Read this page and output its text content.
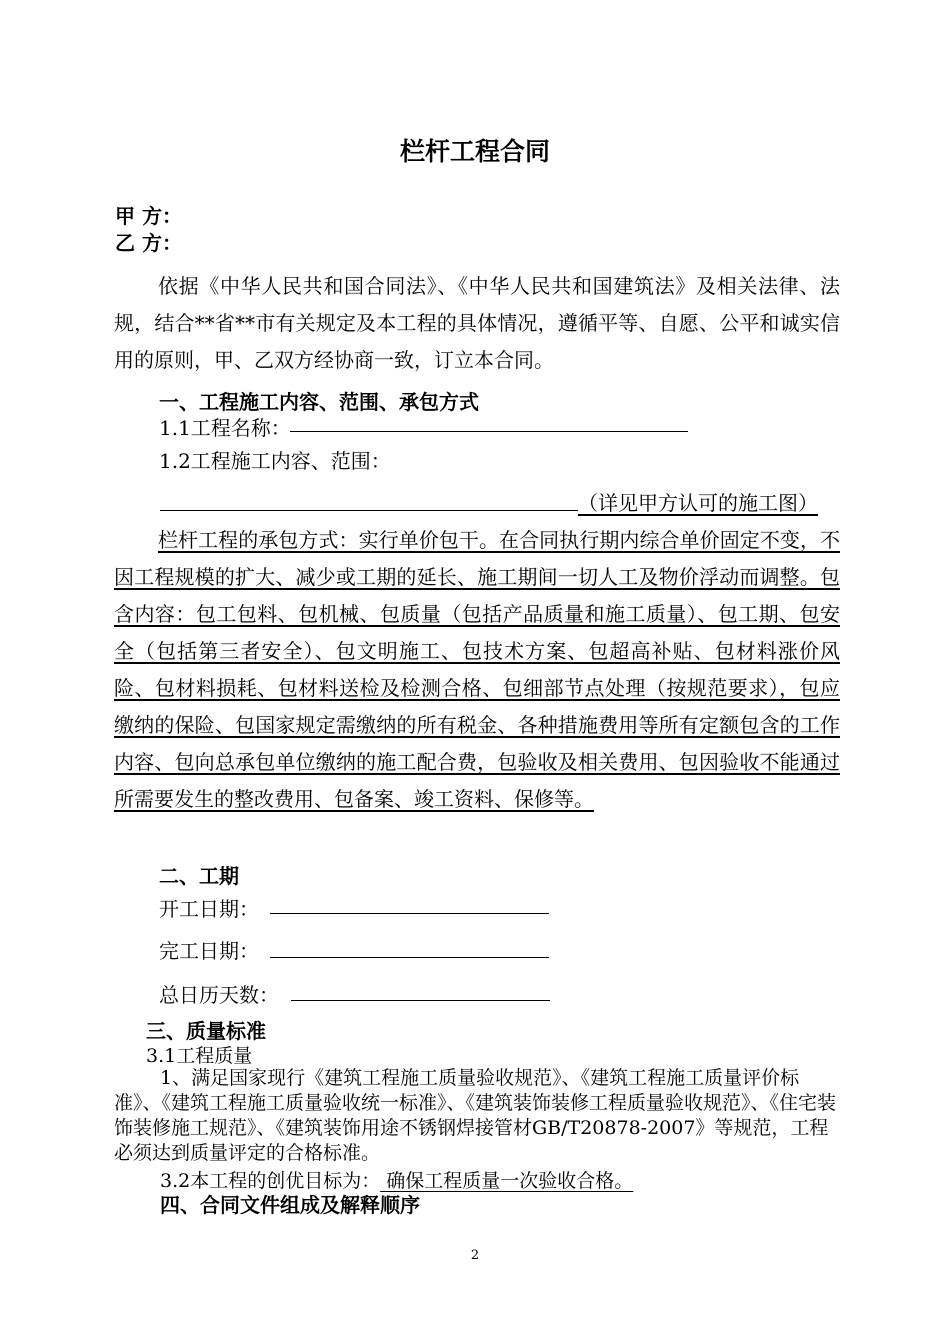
栏杆工程合同
甲 方：
乙 方：
依据《中华人民共和国合同法》、《中华人民共和国建筑法》及相关法律、法规，结合**省**市有关规定及本工程的具体情况，遵循平等、自愿、公平和诚实信用的原则，甲、乙双方经协商一致，订立本合同。
一、工程施工内容、范围、承包方式
1.1工程名称：
1.2工程施工内容、范围：
（详见甲方认可的施工图）
栏杆工程的承包方式：实行单价包干。在合同执行期内综合单价固定不变，不因工程规模的扩大、减少或工期的延长、施工期间一切人工及物价浮动而调整。包含内容：包工包料、包机械、包质量（包括产品质量和施工质量）、包工期、包安全（包括第三者安全）、包文明施工、包技术方案、包超高补贴、包材料涨价风险、包材料损耗、包材料送检及检测合格、包细部节点处理（按规范要求），包应缴纳的保险、包国家规定需缴纳的所有税金、各种措施费用等所有定额包含的工作内容、包向总承包单位缴纳的施工配合费，包验收及相关费用、包因验收不能通过所需要发生的整改费用、包备案、竣工资料、保修等。
二、工期
开工日期：
完工日期：
总日历天数：
三、质量标准
3.1工程质量
1、满足国家现行《建筑工程施工质量验收规范》、《建筑工程施工质量评价标准》、《建筑工程施工质量验收统一标准》、《建筑装饰装修工程质量验收规范》、《住宅装饰装修施工规范》、《建筑装饰用途不锈钢焊接管材GB/T20878-2007》等规范，工程必须达到质量评定的合格标准。
3.2本工程的创优目标为： 确保工程质量一次验收合格。
四、合同文件组成及解释顺序
2
